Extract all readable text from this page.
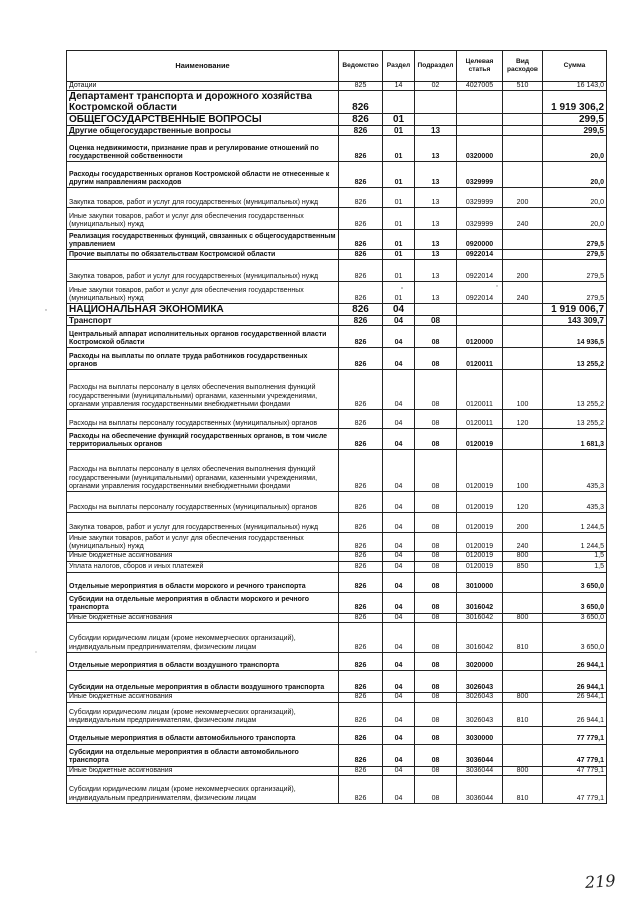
Наименование	Ведомство	Раздел	Подраздел	Целевая статья	Вид расходов	Сумма
Дотации	825	14	02	4027005	510	16 143,0
Департамент транспорта и дорожного хозяйства Костромской области	826					1 919 306,2
ОБЩЕГОСУДАРСТВЕННЫЕ ВОПРОСЫ	826	01				299,5
Другие общегосударственные вопросы	826	01	13			299,5
Оценка недвижимости, признание прав и регулирование отношений по государственной собственности	826	01	13	0320000		20,0
Расходы государственных органов Костромской области не отнесенные к другим направлениям расходов	826	01	13	0329999		20,0
Закупка товаров, работ и услуг для государственных (муниципальных) нужд	826	01	13	0329999	200	20,0
Иные закупки товаров, работ и услуг для обеспечения государственных (муниципальных) нужд	826	01	13	0329999	240	20,0
Реализация государственных функций, связанных с общегосударственным управлением	826	01	13	0920000		279,5
Прочие выплаты по обязательствам Костромской области	826	01	13	0922014		279,5
Закупка товаров, работ и услуг для государственных (муниципальных) нужд	826	01	13	0922014	200	279,5
Иные закупки товаров, работ и услуг для обеспечения государственных (муниципальных) нужд	826	01	13	0922014	240	279,5
НАЦИОНАЛЬНАЯ ЭКОНОМИКА	826	04				1 919 006,7
Транспорт	826	04	08			143 309,7
Центральный аппарат исполнительных органов государственной власти Костромской области	826	04	08	0120000		14 936,5
Расходы на выплаты по оплате труда работников государственных органов	826	04	08	0120011		13 255,2
Расходы на выплаты персоналу в целях обеспечения выполнения функций государственными (муниципальными) органами, казенными учреждениями, органами управления государственными внебюджетными фондами	826	04	08	0120011	100	13 255,2
Расходы на выплаты персоналу государственных (муниципальных) органов	826	04	08	0120011	120	13 255,2
Расходы на обеспечение функций государственных органов, в том числе территориальных органов	826	04	08	0120019		1 681,3
Расходы на выплаты персоналу в целях обеспечения выполнения функций государственными (муниципальными) органами, казенными учреждениями, органами управления государственными внебюджетными фондами	826	04	08	0120019	100	435,3
Расходы на выплаты персоналу государственных (муниципальных) органов	826	04	08	0120019	120	435,3
Закупка товаров, работ и услуг для государственных (муниципальных) нужд	826	04	08	0120019	200	1 244,5
Иные закупки товаров, работ и услуг для обеспечения государственных (муниципальных) нужд	826	04	08	0120019	240	1 244,5
Иные бюджетные ассигнования	826	04	08	0120019	800	1,5
Уплата налогов, сборов и иных платежей	826	04	08	0120019	850	1,5
Отдельные мероприятия в области морского и речного транспорта	826	04	08	3010000		3 650,0
Субсидии на отдельные мероприятия в области морского и речного транспорта	826	04	08	3016042		3 650,0
Иные бюджетные ассигнования	826	04	08	3016042	800	3 650,0
Субсидии юридическим лицам (кроме некоммерческих организаций), индивидуальным предпринимателям, физическим лицам	826	04	08	3016042	810	3 650,0
Отдельные мероприятия в области воздушного транспорта	826	04	08	3020000		26 944,1
Субсидии на отдельные мероприятия в области воздушного транспорта	826	04	08	3026043		26 944,1
Иные бюджетные ассигнования	826	04	08	3026043	800	26 944,1
Субсидии юридическим лицам (кроме некоммерческих организаций), индивидуальным предпринимателям, физическим лицам	826	04	08	3026043	810	26 944,1
Отдельные мероприятия в области автомобильного транспорта	826	04	08	3030000		77 779,1
Субсидии на отдельные мероприятия в области автомобильного транспорта	826	04	08	3036044		47 779,1
Иные бюджетные ассигнования	826	04	08	3036044	800	47 779,1
Субсидии юридическим лицам (кроме некоммерческих организаций), индивидуальным предпринимателям, физическим лицам	826	04	08	3036044	810	47 779,1
219
